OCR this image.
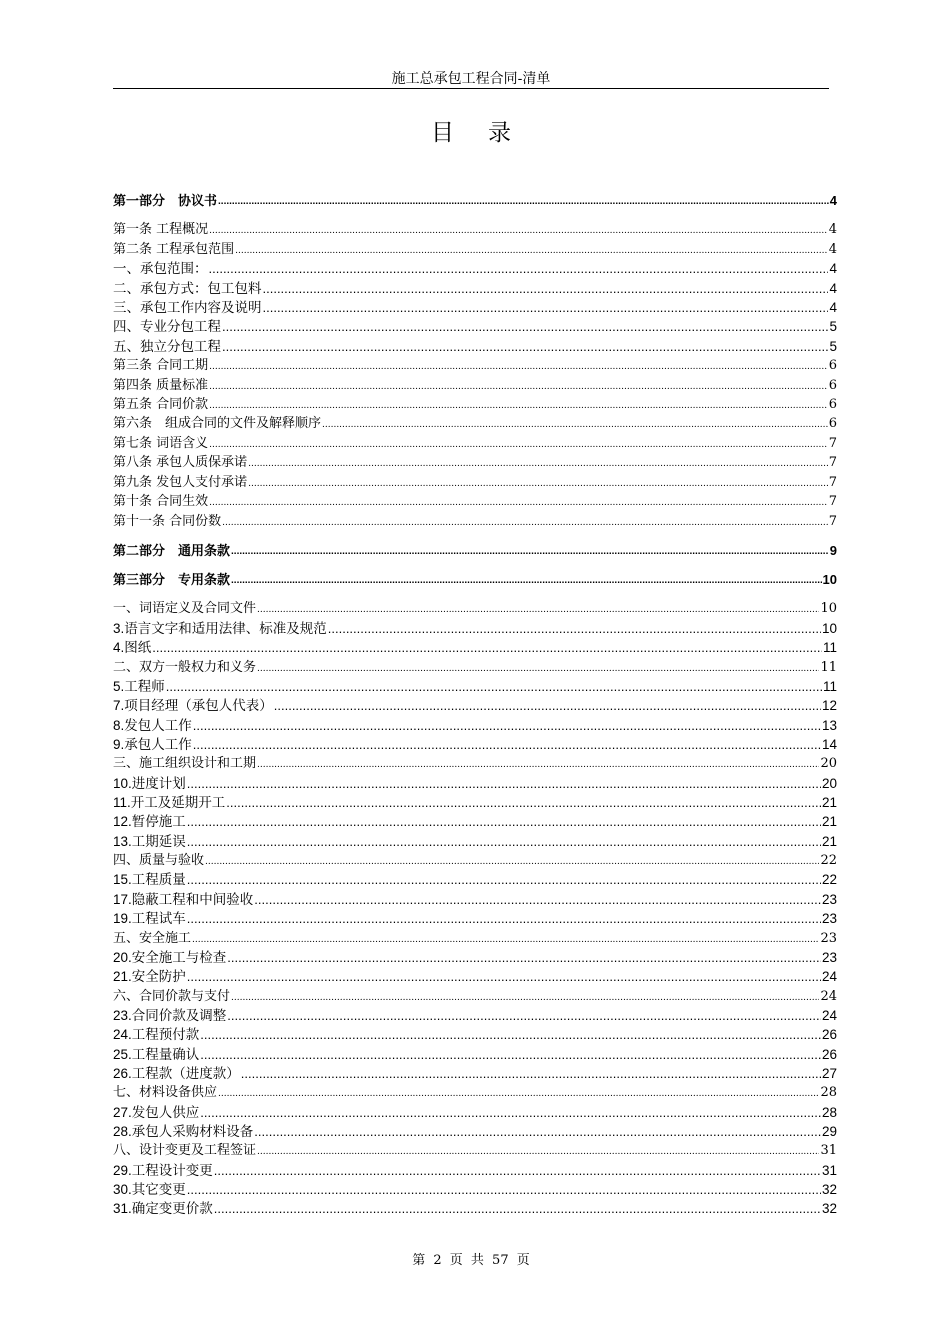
施工总承包工程合同-清单
目录
第一部分　协议书 .....	4
第一条 工程概况 .....	4
第二条 工程承包范围 .....	4
一、承包范围： .....	4
二、承包方式：包工包料 .....	4
三、承包工作内容及说明 .....	4
四、专业分包工程 .....	5
五、独立分包工程 .....	5
第三条 合同工期 .....	6
第四条 质量标准 .....	6
第五条 合同价款 .....	6
第六条　组成合同的文件及解释顺序 .....	6
第七条 词语含义 .....	7
第八条 承包人质保承诺 .....	7
第九条 发包人支付承诺 .....	7
第十条 合同生效 .....	7
第十一条 合同份数 .....	7
第二部分　通用条款 .....	9
第三部分　专用条款 .....	10
一、词语定义及合同文件 .....	10
3.语言文字和适用法律、标准及规范 .....	10
4.图纸 .....	11
二、双方一般权力和义务 .....	11
5.工程师 .....	11
7.项目经理（承包人代表） .....	12
8.发包人工作 .....	13
9.承包人工作 .....	14
三、施工组织设计和工期 .....	20
10.进度计划 .....	20
11.开工及延期开工 .....	21
12.暂停施工 .....	21
13.工期延误 .....	21
四、质量与验收 .....	22
15.工程质量 .....	22
17.隐蔽工程和中间验收 .....	23
19.工程试车 .....	23
五、安全施工 .....	23
20.安全施工与检查 .....	23
21.安全防护 .....	24
六、合同价款与支付 .....	24
23.合同价款及调整 .....	24
24.工程预付款 .....	26
25.工程量确认 .....	26
26.工程款（进度款） .....	27
七、材料设备供应 .....	28
27.发包人供应 .....	28
28.承包人采购材料设备 .....	29
八、设计变更及工程签证 .....	31
29.工程设计变更 .....	31
30.其它变更 .....	32
31.确定变更价款 .....	32
第 2 页 共 57 页
